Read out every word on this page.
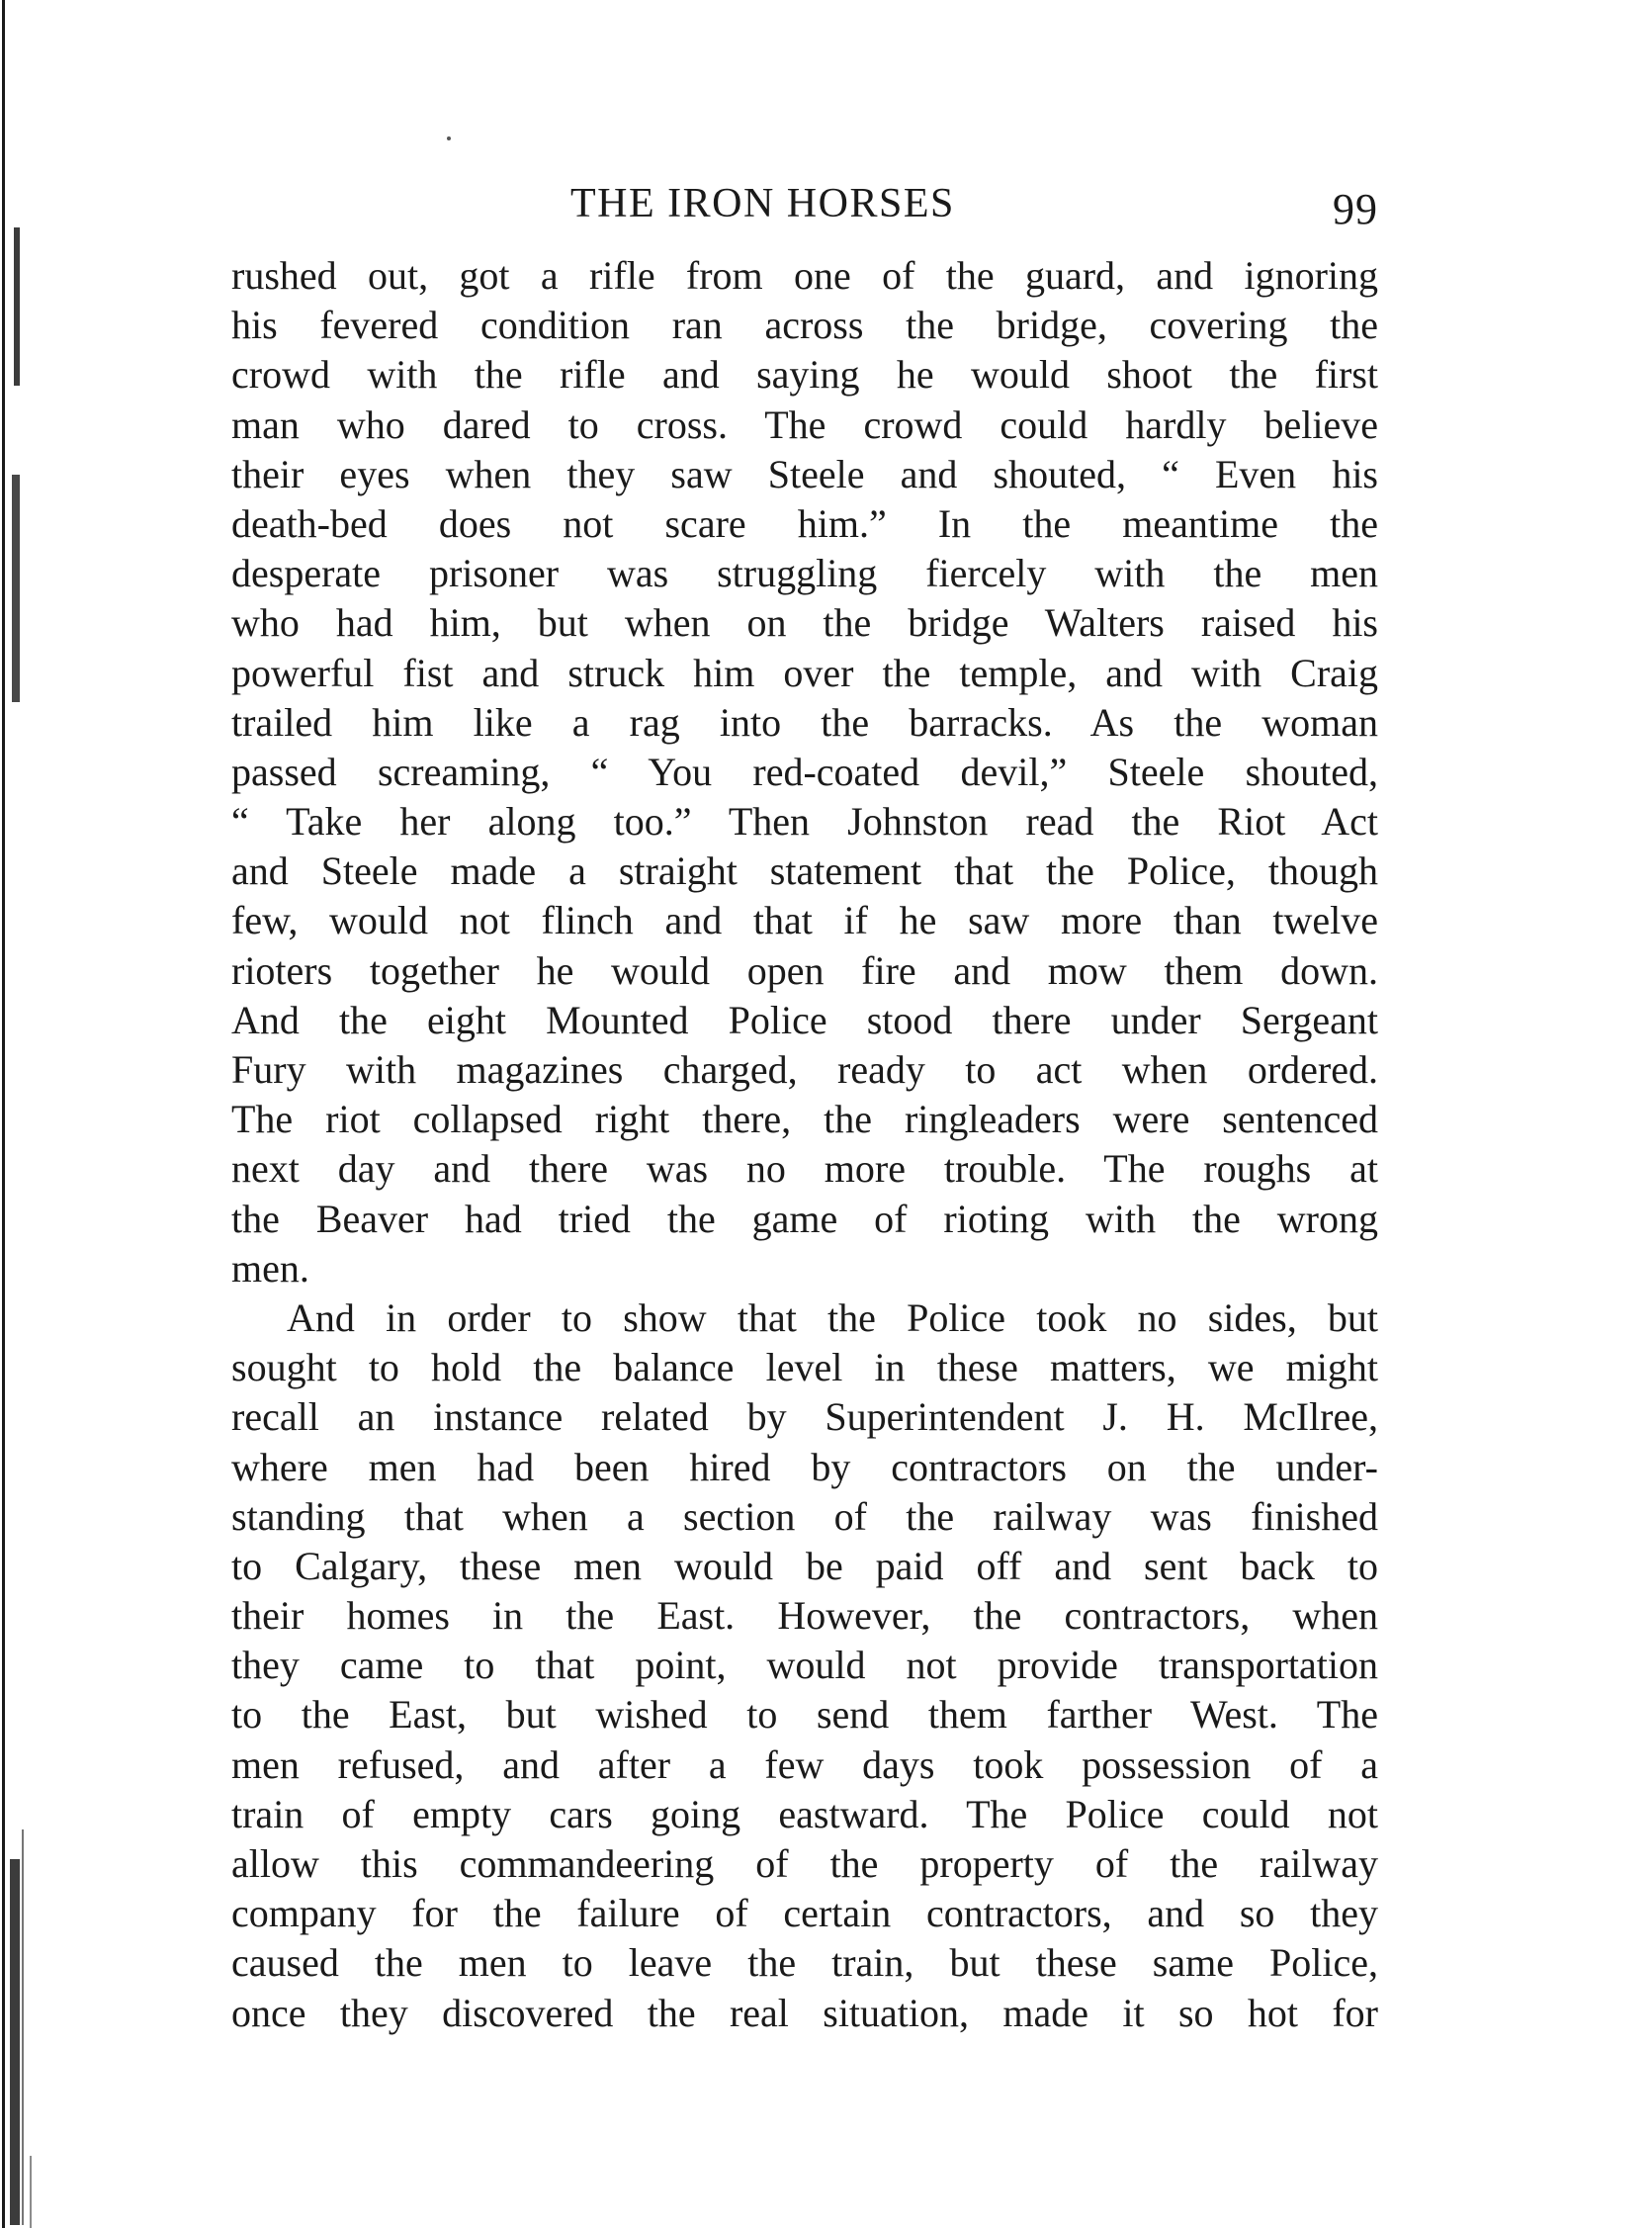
THE IRON HORSES	99
rushed out, got a rifle from one of the guard, and ignoring
his fevered condition ran across the bridge, covering the
crowd with the rifle and saying he would shoot the first
man who dared to cross. The crowd could hardly believe
their eyes when they saw Steele and shouted, “ Even his
death-bed does not scare him.” In the meantime the
desperate prisoner was struggling fiercely with the men
who had him, but when on the bridge Walters raised his
powerful fist and struck him over the temple, and with Craig
trailed him like a rag into the barracks. As the woman
passed screaming, “ You red-coated devil,” Steele shouted,
“ Take her along too.” Then Johnston read the Riot Act
and Steele made a straight statement that the Police, though
few, would not flinch and that if he saw more than twelve
rioters together he would open fire and mow them down.
And the eight Mounted Police stood there under Sergeant
Fury with magazines charged, ready to act when ordered.
The riot collapsed right there, the ringleaders were sentenced
next day and there was no more trouble. The roughs at
the Beaver had tried the game of rioting with the wrong
men.
And in order to show that the Police took no sides, but
sought to hold the balance level in these matters, we might
recall an instance related by Superintendent J. H. McIlree,
where men had been hired by contractors on the under-
standing that when a section of the railway was finished
to Calgary, these men would be paid off and sent back to
their homes in the East. However, the contractors, when
they came to that point, would not provide transportation
to the East, but wished to send them farther West. The
men refused, and after a few days took possession of a
train of empty cars going eastward. The Police could not
allow this commandeering of the property of the railway
company for the failure of certain contractors, and so they
caused the men to leave the train, but these same Police,
once they discovered the real situation, made it so hot for
